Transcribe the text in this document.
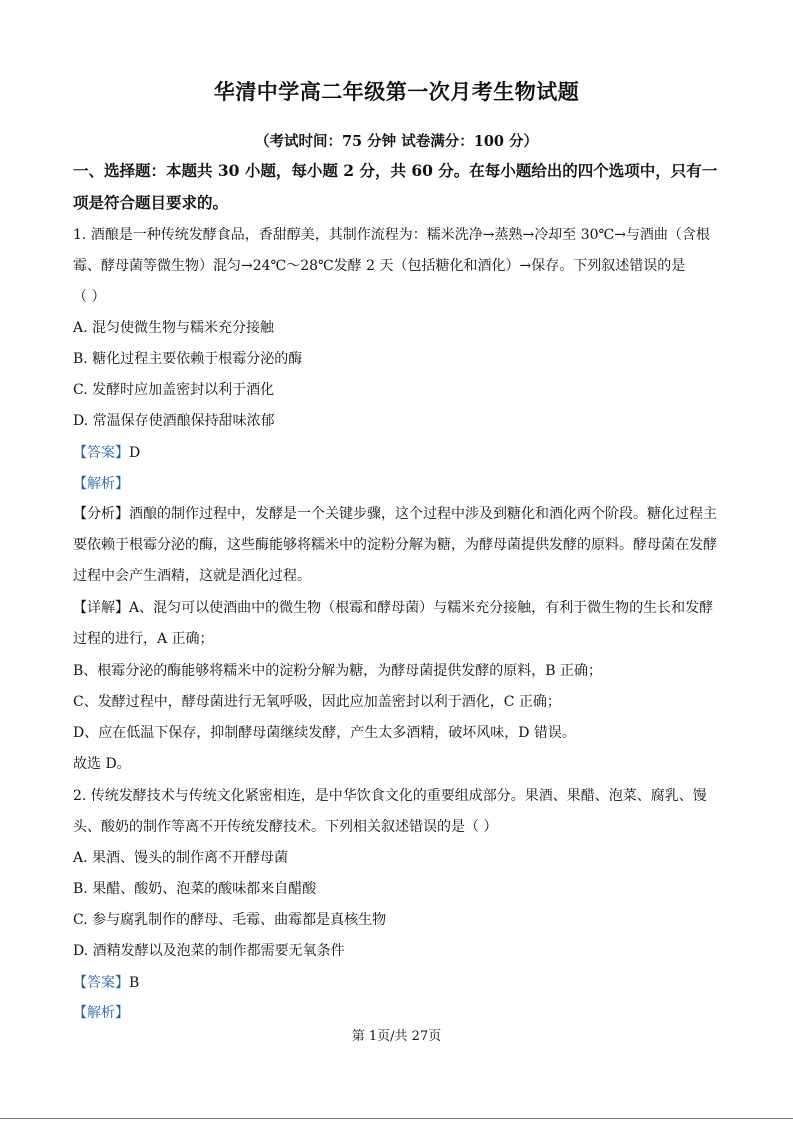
华清中学高二年级第一次月考生物试题
（考试时间：75 分钟 试卷满分：100 分）
一、选择题：本题共 30 小题，每小题 2 分，共 60 分。在每小题给出的四个选项中，只有一
项是符合题目要求的。
1. 酒酿是一种传统发酵食品，香甜醇美，其制作流程为：糯米洗净→蒸熟→冷却至 30℃→与酒曲（含根
霉、酵母菌等微生物）混匀→24℃～28℃发酵 2 天（包括糖化和酒化）→保存。下列叙述错误的是
（ ）
A. 混匀使微生物与糯米充分接触
B. 糖化过程主要依赖于根霉分泌的酶
C. 发酵时应加盖密封以利于酒化
D. 常温保存使酒酿保持甜味浓郁
【答案】D
【解析】
【分析】酒酿的制作过程中，发酵是一个关键步骤，这个过程中涉及到糖化和酒化两个阶段。糖化过程主
要依赖于根霉分泌的酶，这些酶能够将糯米中的淀粉分解为糖，为酵母菌提供发酵的原料。酵母菌在发酵
过程中会产生酒精，这就是酒化过程。
【详解】A、混匀可以使酒曲中的微生物（根霉和酵母菌）与糯米充分接触，有利于微生物的生长和发酵
过程的进行，A 正确；
B、根霉分泌的酶能够将糯米中的淀粉分解为糖，为酵母菌提供发酵的原料，B 正确；
C、发酵过程中，酵母菌进行无氧呼吸，因此应加盖密封以利于酒化，C 正确；
D、应在低温下保存，抑制酵母菌继续发酵，产生太多酒精，破坏风味，D 错误。
故选 D。
2. 传统发酵技术与传统文化紧密相连，是中华饮食文化的重要组成部分。果酒、果醋、泡菜、腐乳、馒
头、酸奶的制作等离不开传统发酵技术。下列相关叙述错误的是（ ）
A. 果酒、馒头的制作离不开酵母菌
B. 果醋、酸奶、泡菜的酸味都来自醋酸
C. 参与腐乳制作的酵母、毛霉、曲霉都是真核生物
D. 酒精发酵以及泡菜的制作都需要无氧条件
【答案】B
【解析】
第 1页/共 27页
